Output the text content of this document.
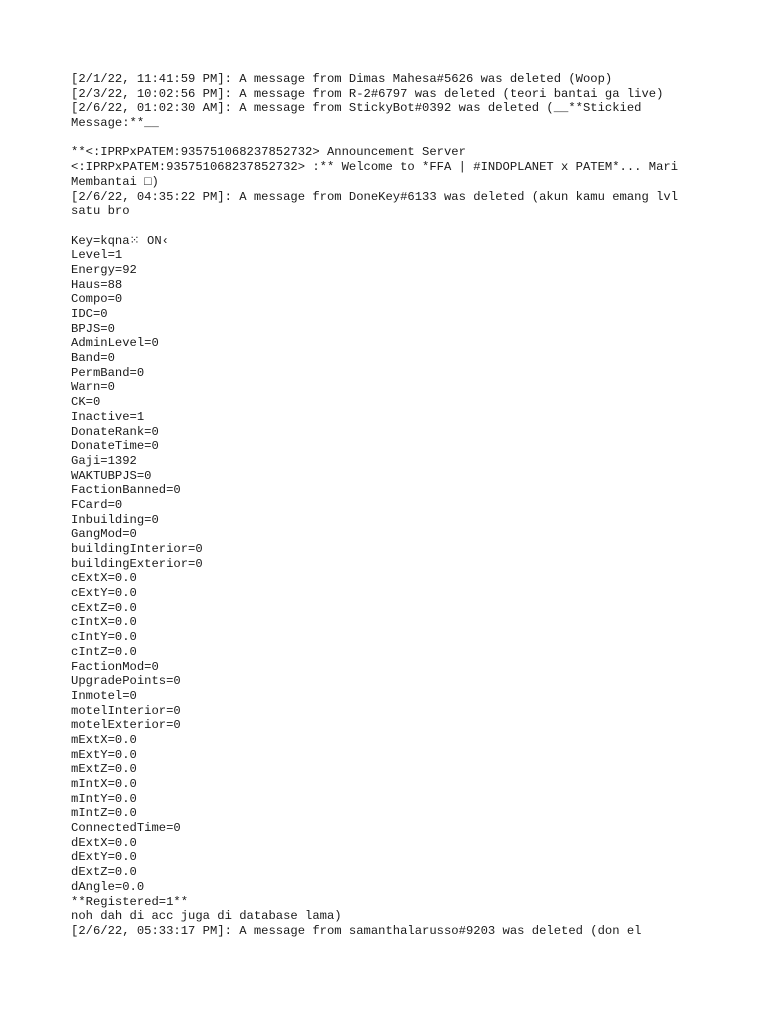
[2/1/22, 11:41:59 PM]: A message from Dimas Mahesa#5626 was deleted (Woop)
[2/3/22, 10:02:56 PM]: A message from R-2#6797 was deleted (teori bantai ga live)
[2/6/22, 01:02:30 AM]: A message from StickyBot#0392 was deleted (__**Stickied
Message:**__
**<:IPRPxPATEM:935751068237852732> Announcement Server
<:IPRPxPATEM:935751068237852732> :** Welcome to *FFA | #INDOPLANET x PATEM*... Mari
Membantai □)
[2/6/22, 04:35:22 PM]: A message from DoneKey#6133 was deleted (akun kamu emang lvl
satu bro
Key=kqna⁙ ON‹
Level=1
Energy=92
Haus=88
Compo=0
IDC=0
BPJS=0
AdminLevel=0
Band=0
PermBand=0
Warn=0
CK=0
Inactive=1
DonateRank=0
DonateTime=0
Gaji=1392
WAKTUBPJS=0
FactionBanned=0
FCard=0
Inbuilding=0
GangMod=0
buildingInterior=0
buildingExterior=0
cExtX=0.0
cExtY=0.0
cExtZ=0.0
cIntX=0.0
cIntY=0.0
cIntZ=0.0
FactionMod=0
UpgradePoints=0
Inmotel=0
motelInterior=0
motelExterior=0
mExtX=0.0
mExtY=0.0
mExtZ=0.0
mIntX=0.0
mIntY=0.0
mIntZ=0.0
ConnectedTime=0
dExtX=0.0
dExtY=0.0
dExtZ=0.0
dAngle=0.0
**Registered=1**
noh dah di acc juga di database lama)
[2/6/22, 05:33:17 PM]: A message from samanthalarusso#9203 was deleted (don el
